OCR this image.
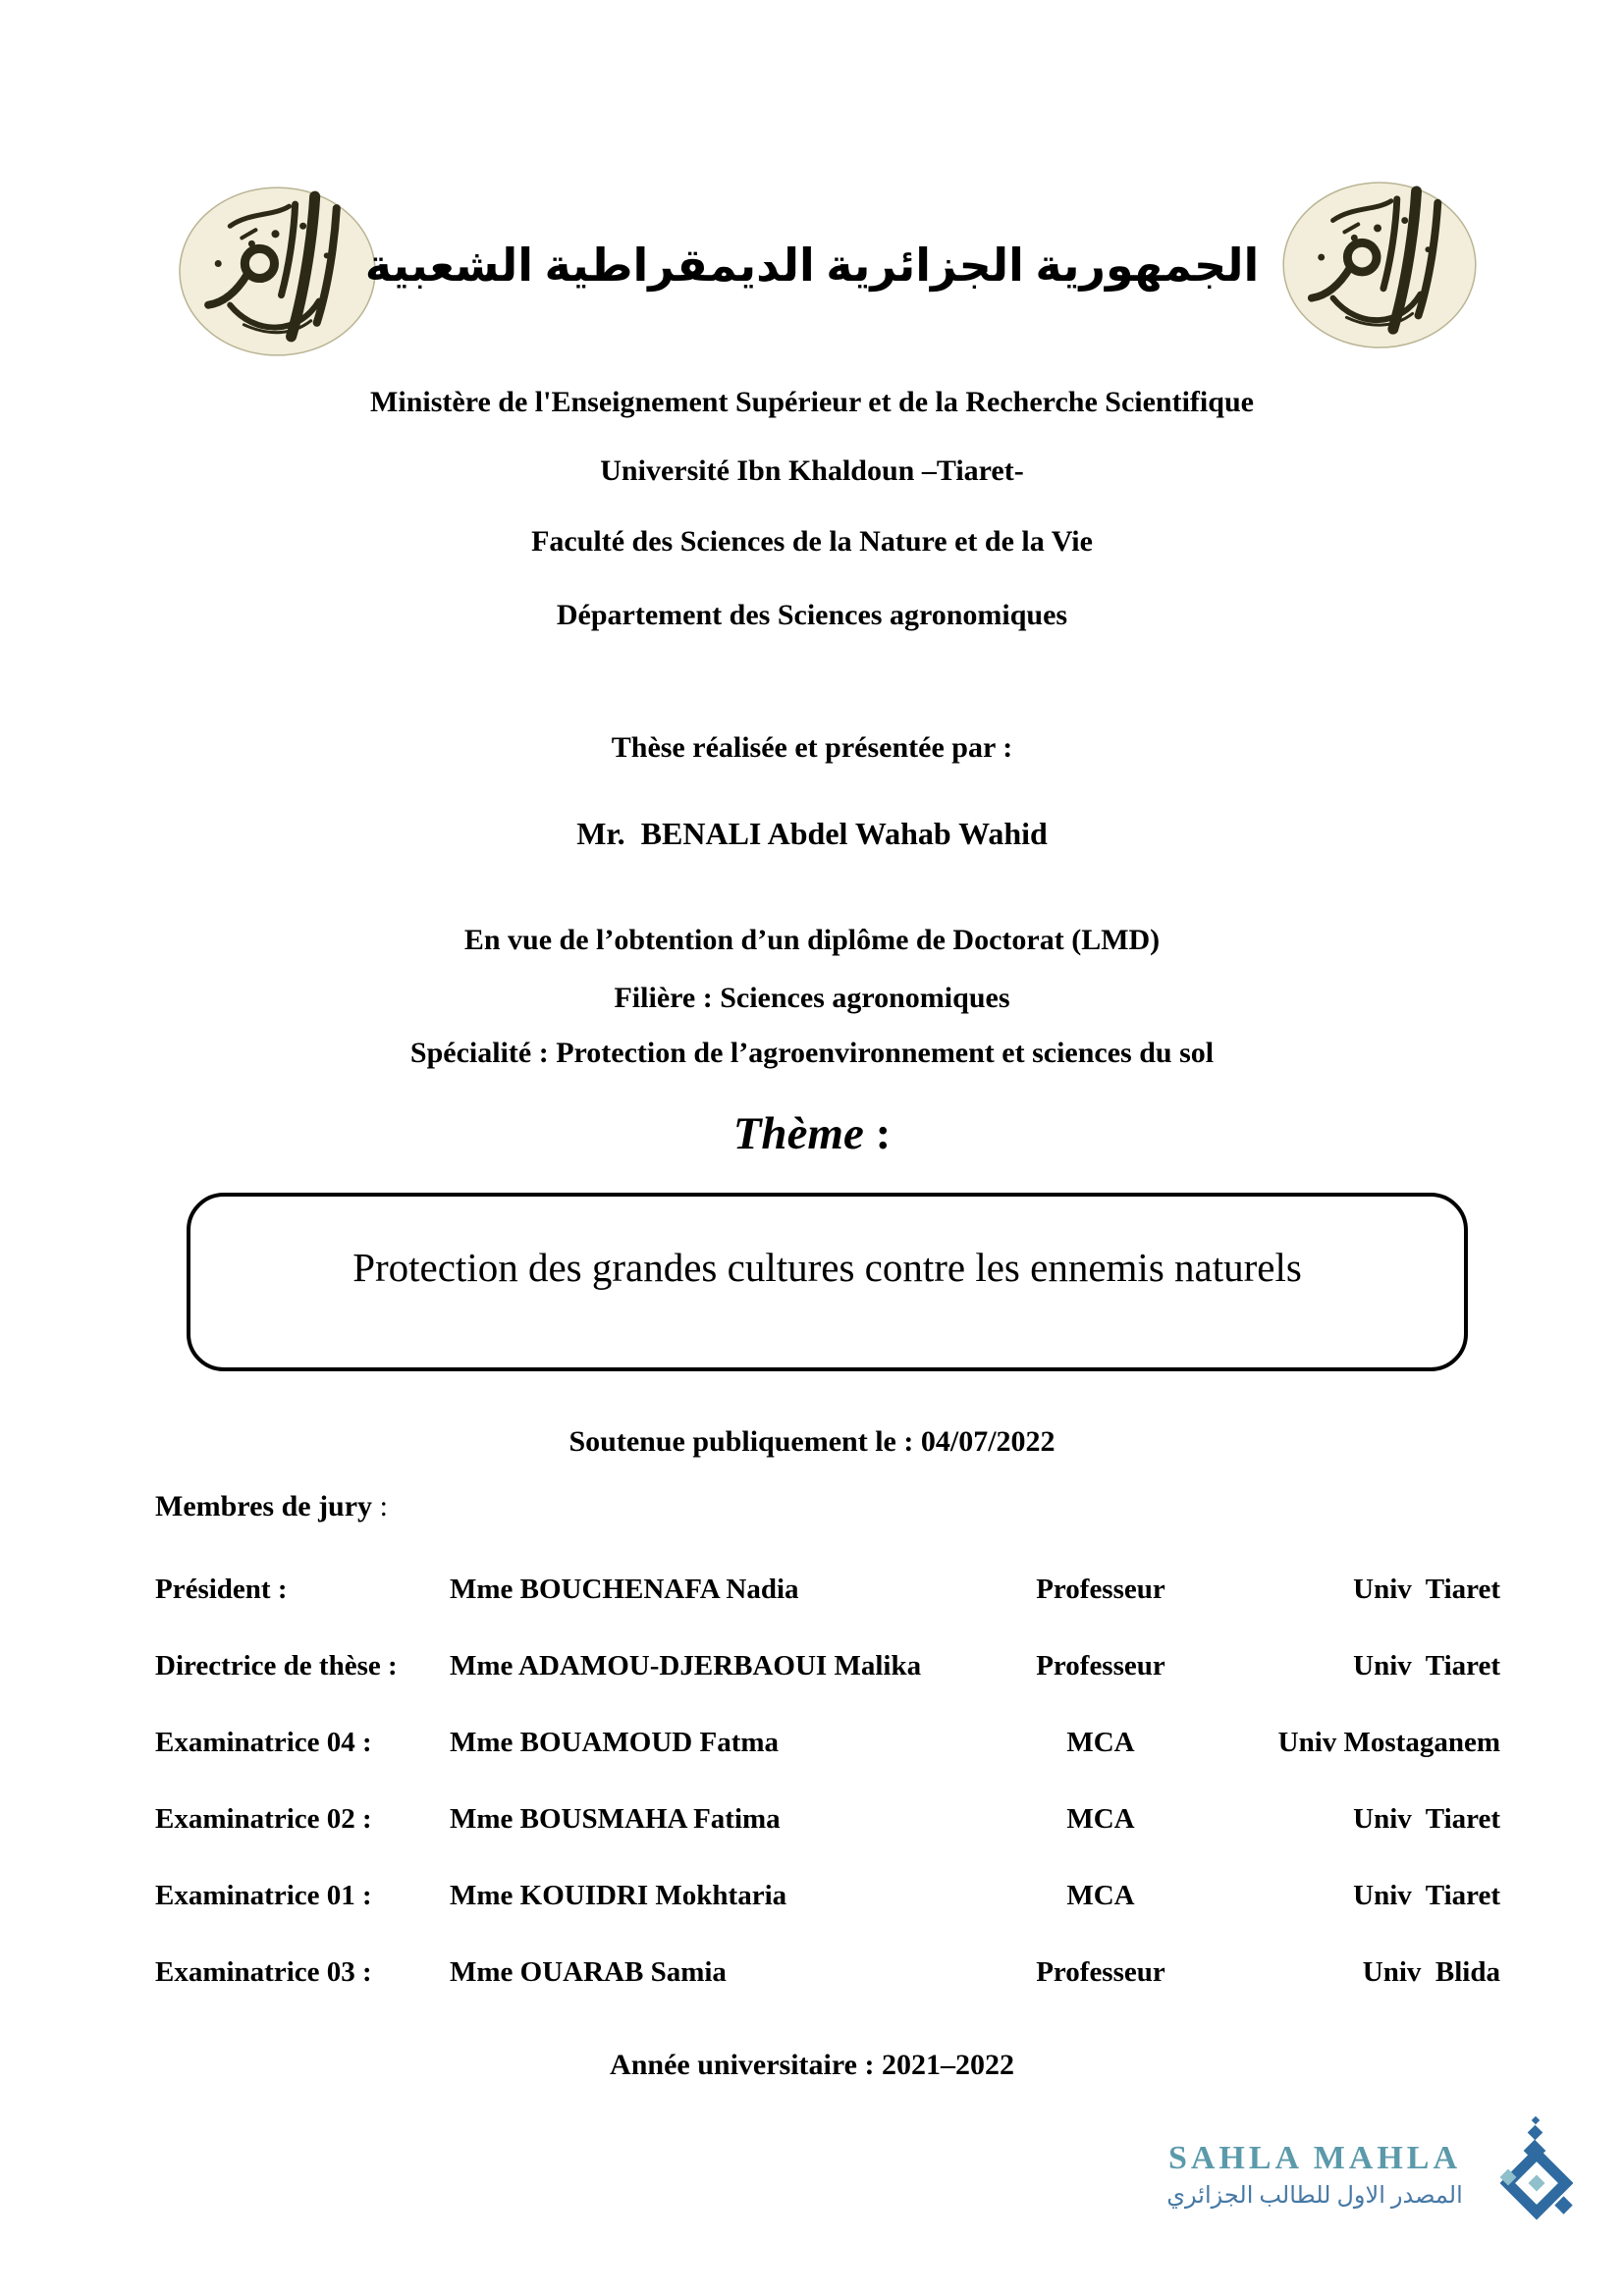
الجمهورية الجزائرية الديمقراطية الشعبية
Ministère de l'Enseignement Supérieur et de la Recherche Scientifique
Université Ibn Khaldoun –Tiaret-
Faculté des Sciences de la Nature et de la Vie
Département des Sciences agronomiques
Thèse réalisée et présentée par :
Mr.  BENALI Abdel Wahab Wahid
En vue de l’obtention d’un diplôme de Doctorat (LMD)
Filière : Sciences agronomiques
Spécialité : Protection de l’agroenvironnement et sciences du sol
Thème :
Protection des grandes cultures contre les ennemis naturels
Soutenue publiquement le : 04/07/2022
Membres de jury :
Président :	Mme BOUCHENAFA Nadia	Professeur	Univ  Tiaret
Directrice de thèse :	Mme ADAMOU-DJERBAOUI Malika	Professeur	Univ  Tiaret
Examinatrice 04 :	Mme BOUAMOUD Fatma	MCA	Univ Mostaganem
Examinatrice 02 :	Mme BOUSMAHA Fatima	MCA	Univ  Tiaret
Examinatrice 01 :	Mme KOUIDRI Mokhtaria	MCA	Univ  Tiaret
Examinatrice 03 :	Mme OUARAB Samia	Professeur	Univ  Blida
Année universitaire : 2021–2022
SAHLA MAHLA
المصدر الاول للطالب الجزائري
